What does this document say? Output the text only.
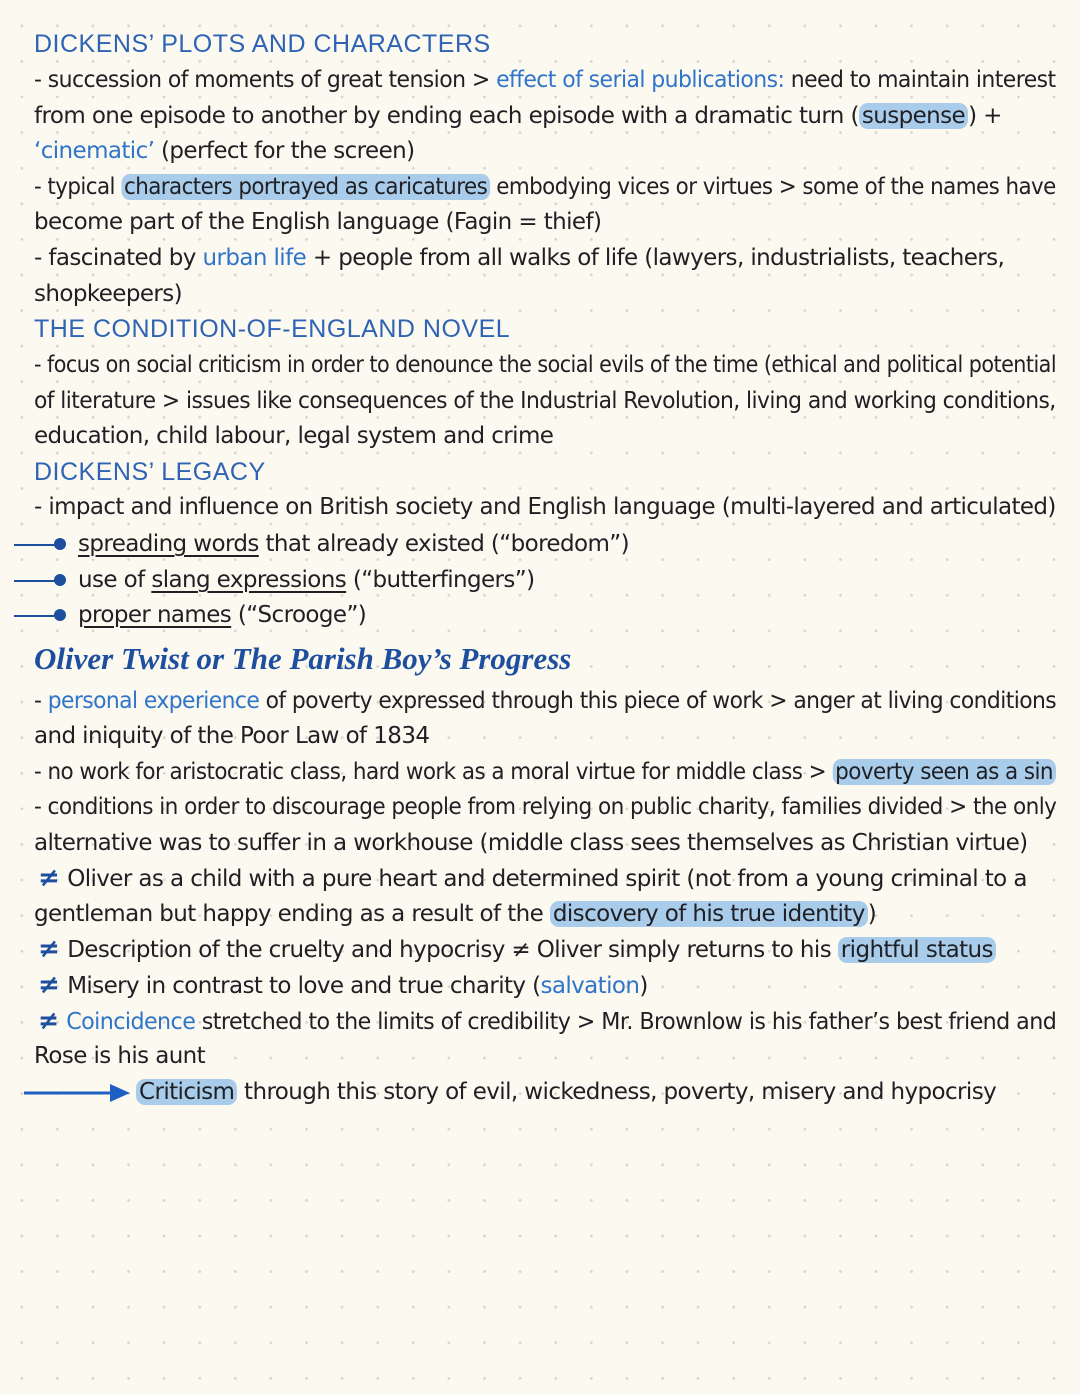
DICKENS’ PLOTS AND CHARACTERS
- succession of moments of great tension > effect of serial publications: need to maintain interest
from one episode to another by ending each episode with a dramatic turn ( suspense ) +
‘cinematic’ (perfect for the screen)
- typical characters portrayed as caricatures embodying vices or virtues > some of the names have
become part of the English language (Fagin = thief)
- fascinated by urban life + people from all walks of life (lawyers, industrialists, teachers,
shopkeepers)
THE CONDITION-OF-ENGLAND NOVEL
- focus on social criticism in order to denounce the social evils of the time (ethical and political potential
of literature > issues like consequences of the Industrial Revolution, living and working conditions,
education, child labour, legal system and crime
DICKENS’ LEGACY
- impact and influence on British society and English language (multi-layered and articulated)
spreading words that already existed (“boredom”)
use of slang expressions (“butterfingers”)
proper names (“Scrooge”)
Oliver Twist or The Parish Boy’s Progress
- personal experience of poverty expressed through this piece of work > anger at living conditions
and iniquity of the Poor Law of 1834
- no work for aristocratic class, hard work as a moral virtue for middle class > poverty seen as a sin
- conditions in order to discourage people from relying on public charity, families divided > the only
alternative was to suffer in a workhouse (middle class sees themselves as Christian virtue)
≠ Oliver as a child with a pure heart and determined spirit (not from a young criminal to a
gentleman but happy ending as a result of the discovery of his true identity )
≠ Description of the cruelty and hypocrisy ≠ Oliver simply returns to his rightful status
≠ Misery in contrast to love and true charity (salvation)
≠ Coincidence stretched to the limits of credibility > Mr. Brownlow is his father’s best friend and
Rose is his aunt
Criticism through this story of evil, wickedness, poverty, misery and hypocrisy
